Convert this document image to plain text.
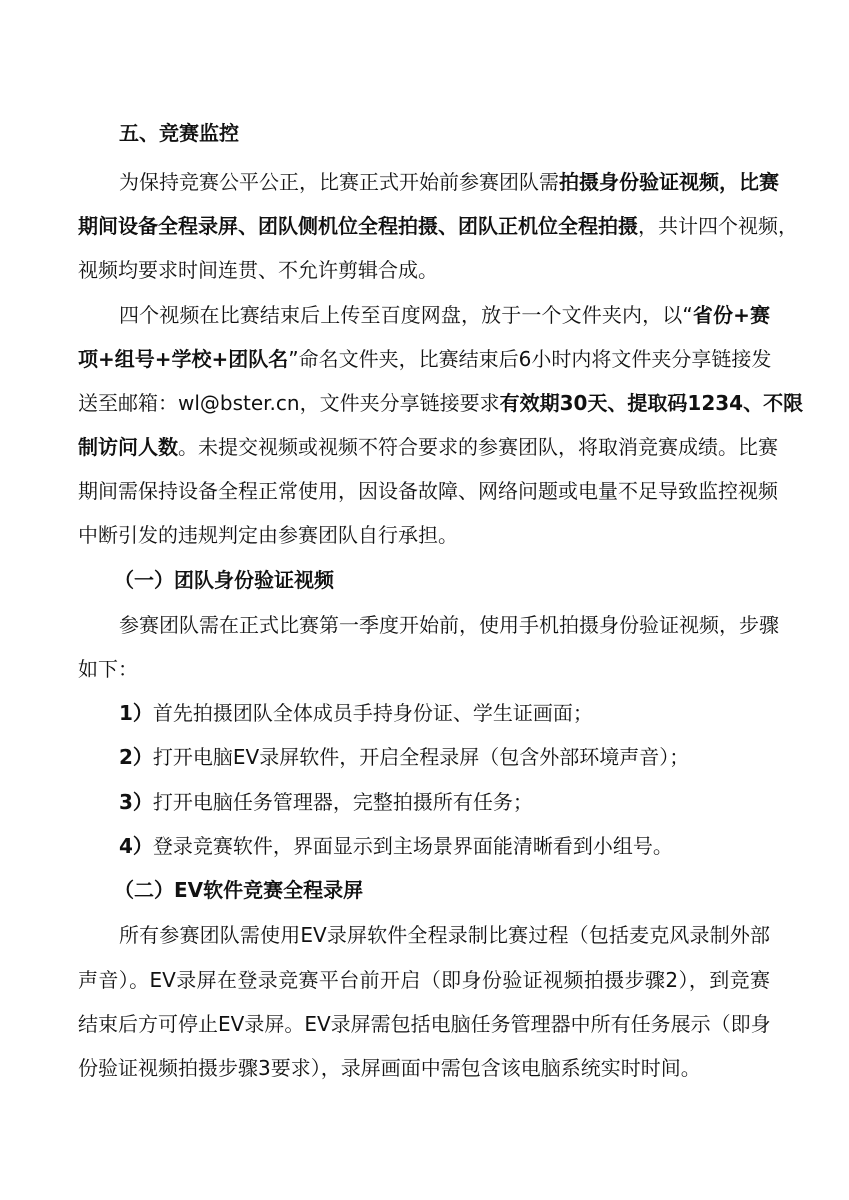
五、竞赛监控
为保持竞赛公平公正，比赛正式开始前参赛团队需拍摄身份验证视频，比赛
期间设备全程录屏、团队侧机位全程拍摄、团队正机位全程拍摄，共计四个视频，
视频均要求时间连贯、不允许剪辑合成。
四个视频在比赛结束后上传至百度网盘，放于一个文件夹内，以“省份+赛
项+组号+学校+团队名”命名文件夹，比赛结束后6小时内将文件夹分享链接发
送至邮箱：wl@bster.cn，文件夹分享链接要求有效期30天、提取码1234、不限
制访问人数。未提交视频或视频不符合要求的参赛团队，将取消竞赛成绩。比赛
期间需保持设备全程正常使用，因设备故障、网络问题或电量不足导致监控视频
中断引发的违规判定由参赛团队自行承担。
（一）团队身份验证视频
参赛团队需在正式比赛第一季度开始前，使用手机拍摄身份验证视频，步骤
如下：
1）首先拍摄团队全体成员手持身份证、学生证画面；
2）打开电脑EV录屏软件，开启全程录屏（包含外部环境声音）；
3）打开电脑任务管理器，完整拍摄所有任务；
4）登录竞赛软件，界面显示到主场景界面能清晰看到小组号。
（二）EV软件竞赛全程录屏
所有参赛团队需使用EV录屏软件全程录制比赛过程（包括麦克风录制外部
声音）。EV录屏在登录竞赛平台前开启（即身份验证视频拍摄步骤2），到竞赛
结束后方可停止EV录屏。EV录屏需包括电脑任务管理器中所有任务展示（即身
份验证视频拍摄步骤3要求），录屏画面中需包含该电脑系统实时时间。
